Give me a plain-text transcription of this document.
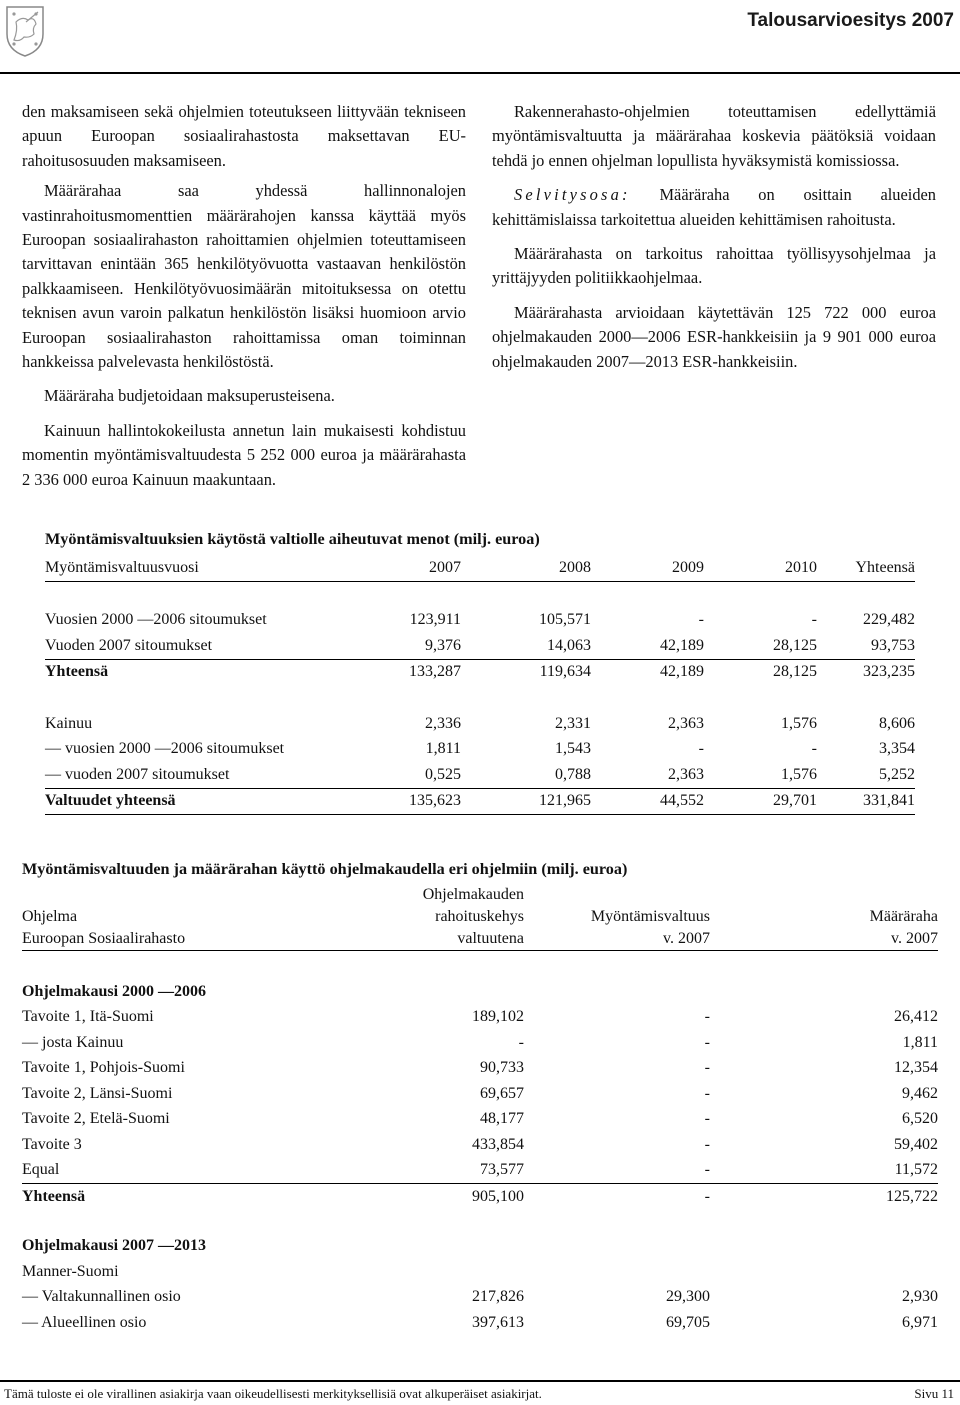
Talousarvioesitys 2007

den maksamiseen sekä ohjelmien toteutukseen liittyvään tekniseen apuun Euroopan sosiaalirahastosta maksettavan EU-rahoitusosuuden maksamiseen.

Määrärahaa saa yhdessä hallinnonalojen vastinrahoitusmomenttien määrärahojen kanssa käyttää myös Euroopan sosiaalirahaston rahoittamien ohjelmien toteuttamiseen tarvittavan enintään 365 henkilötyövuotta vastaavan henkilöstön palkkaamiseen. Henkilötyövuosimäärän mitoituksessa on otettu teknisen avun varoin palkatun henkilöstön lisäksi huomioon arvio Euroopan sosiaalirahaston rahoittamissa oman toiminnan hankkeissa palvelevasta henkilöstöstä.

Määräraha budjetoidaan maksuperusteisena.

Kainuun hallintokokeilusta annetun lain mukaisesti kohdistuu momentin myöntämisvaltuudesta 5 252 000 euroa ja määrärahasta 2 336 000 euroa Kainuun maakuntaan.

Rakennerahasto-ohjelmien toteuttamisen edellyttämiä myöntämisvaltuutta ja määrärahaa koskevia päätöksiä voidaan tehdä jo ennen ohjelman lopullista hyväksymistä komissiossa.

Selvitysosa: Määräraha on osittain alueiden kehittämislaissa tarkoitettua alueiden kehittämisen rahoitusta.

Määrärahasta on tarkoitus rahoittaa työllisyysohjelmaa ja yrittäjyyden politiikkaohjelmaa.

Määrärahasta arvioidaan käytettävän 125 722 000 euroa ohjelmakauden 2000—2006 ESR-hankkeisiin ja 9 901 000 euroa ohjelmakauden 2007—2013 ESR-hankkeisiin.

Myöntämisvaltuuksien käytöstä valtiolle aiheutuvat menot (milj. euroa)
Myöntämisvaltuusvuosi	2007	2008	2009	2010	Yhteensä

Vuosien 2000 —2006 sitoumukset	123,911	105,571	-	-	229,482
Vuoden 2007 sitoumukset	9,376	14,063	42,189	28,125	93,753
Yhteensä	133,287	119,634	42,189	28,125	323,235

Kainuu	2,336	2,331	2,363	1,576	8,606
— vuosien 2000 —2006 sitoumukset	1,811	1,543	-	-	3,354
— vuoden 2007 sitoumukset	0,525	0,788	2,363	1,576	5,252
Valtuudet yhteensä	135,623	121,965	44,552	29,701	331,841
Myöntämisvaltuuden ja määrärahan käyttö ohjelmakaudella eri ohjelmiin (milj. euroa)
	Ohjelmakauden		
Ohjelma	rahoituskehys	Myöntämisvaltuus	Määräraha
Euroopan Sosiaalirahasto	valtuutena	v. 2007	v. 2007

Ohjelmakausi 2000 —2006			
Tavoite 1, Itä-Suomi	189,102	-	26,412
— josta Kainuu	-	-	1,811
Tavoite 1, Pohjois-Suomi	90,733	-	12,354
Tavoite 2, Länsi-Suomi	69,657	-	9,462
Tavoite 2, Etelä-Suomi	48,177	-	6,520
Tavoite 3	433,854	-	59,402
Equal	73,577	-	11,572
Yhteensä	905,100	-	125,722

Ohjelmakausi 2007 —2013			
Manner-Suomi			
— Valtakunnallinen osio	217,826	29,300	2,930
— Alueellinen osio	397,613	69,705	6,971
Tämä tuloste ei ole virallinen asiakirja vaan oikeudellisesti merkityksellisiä ovat alkuperäiset asiakirjat.	Sivu 11
